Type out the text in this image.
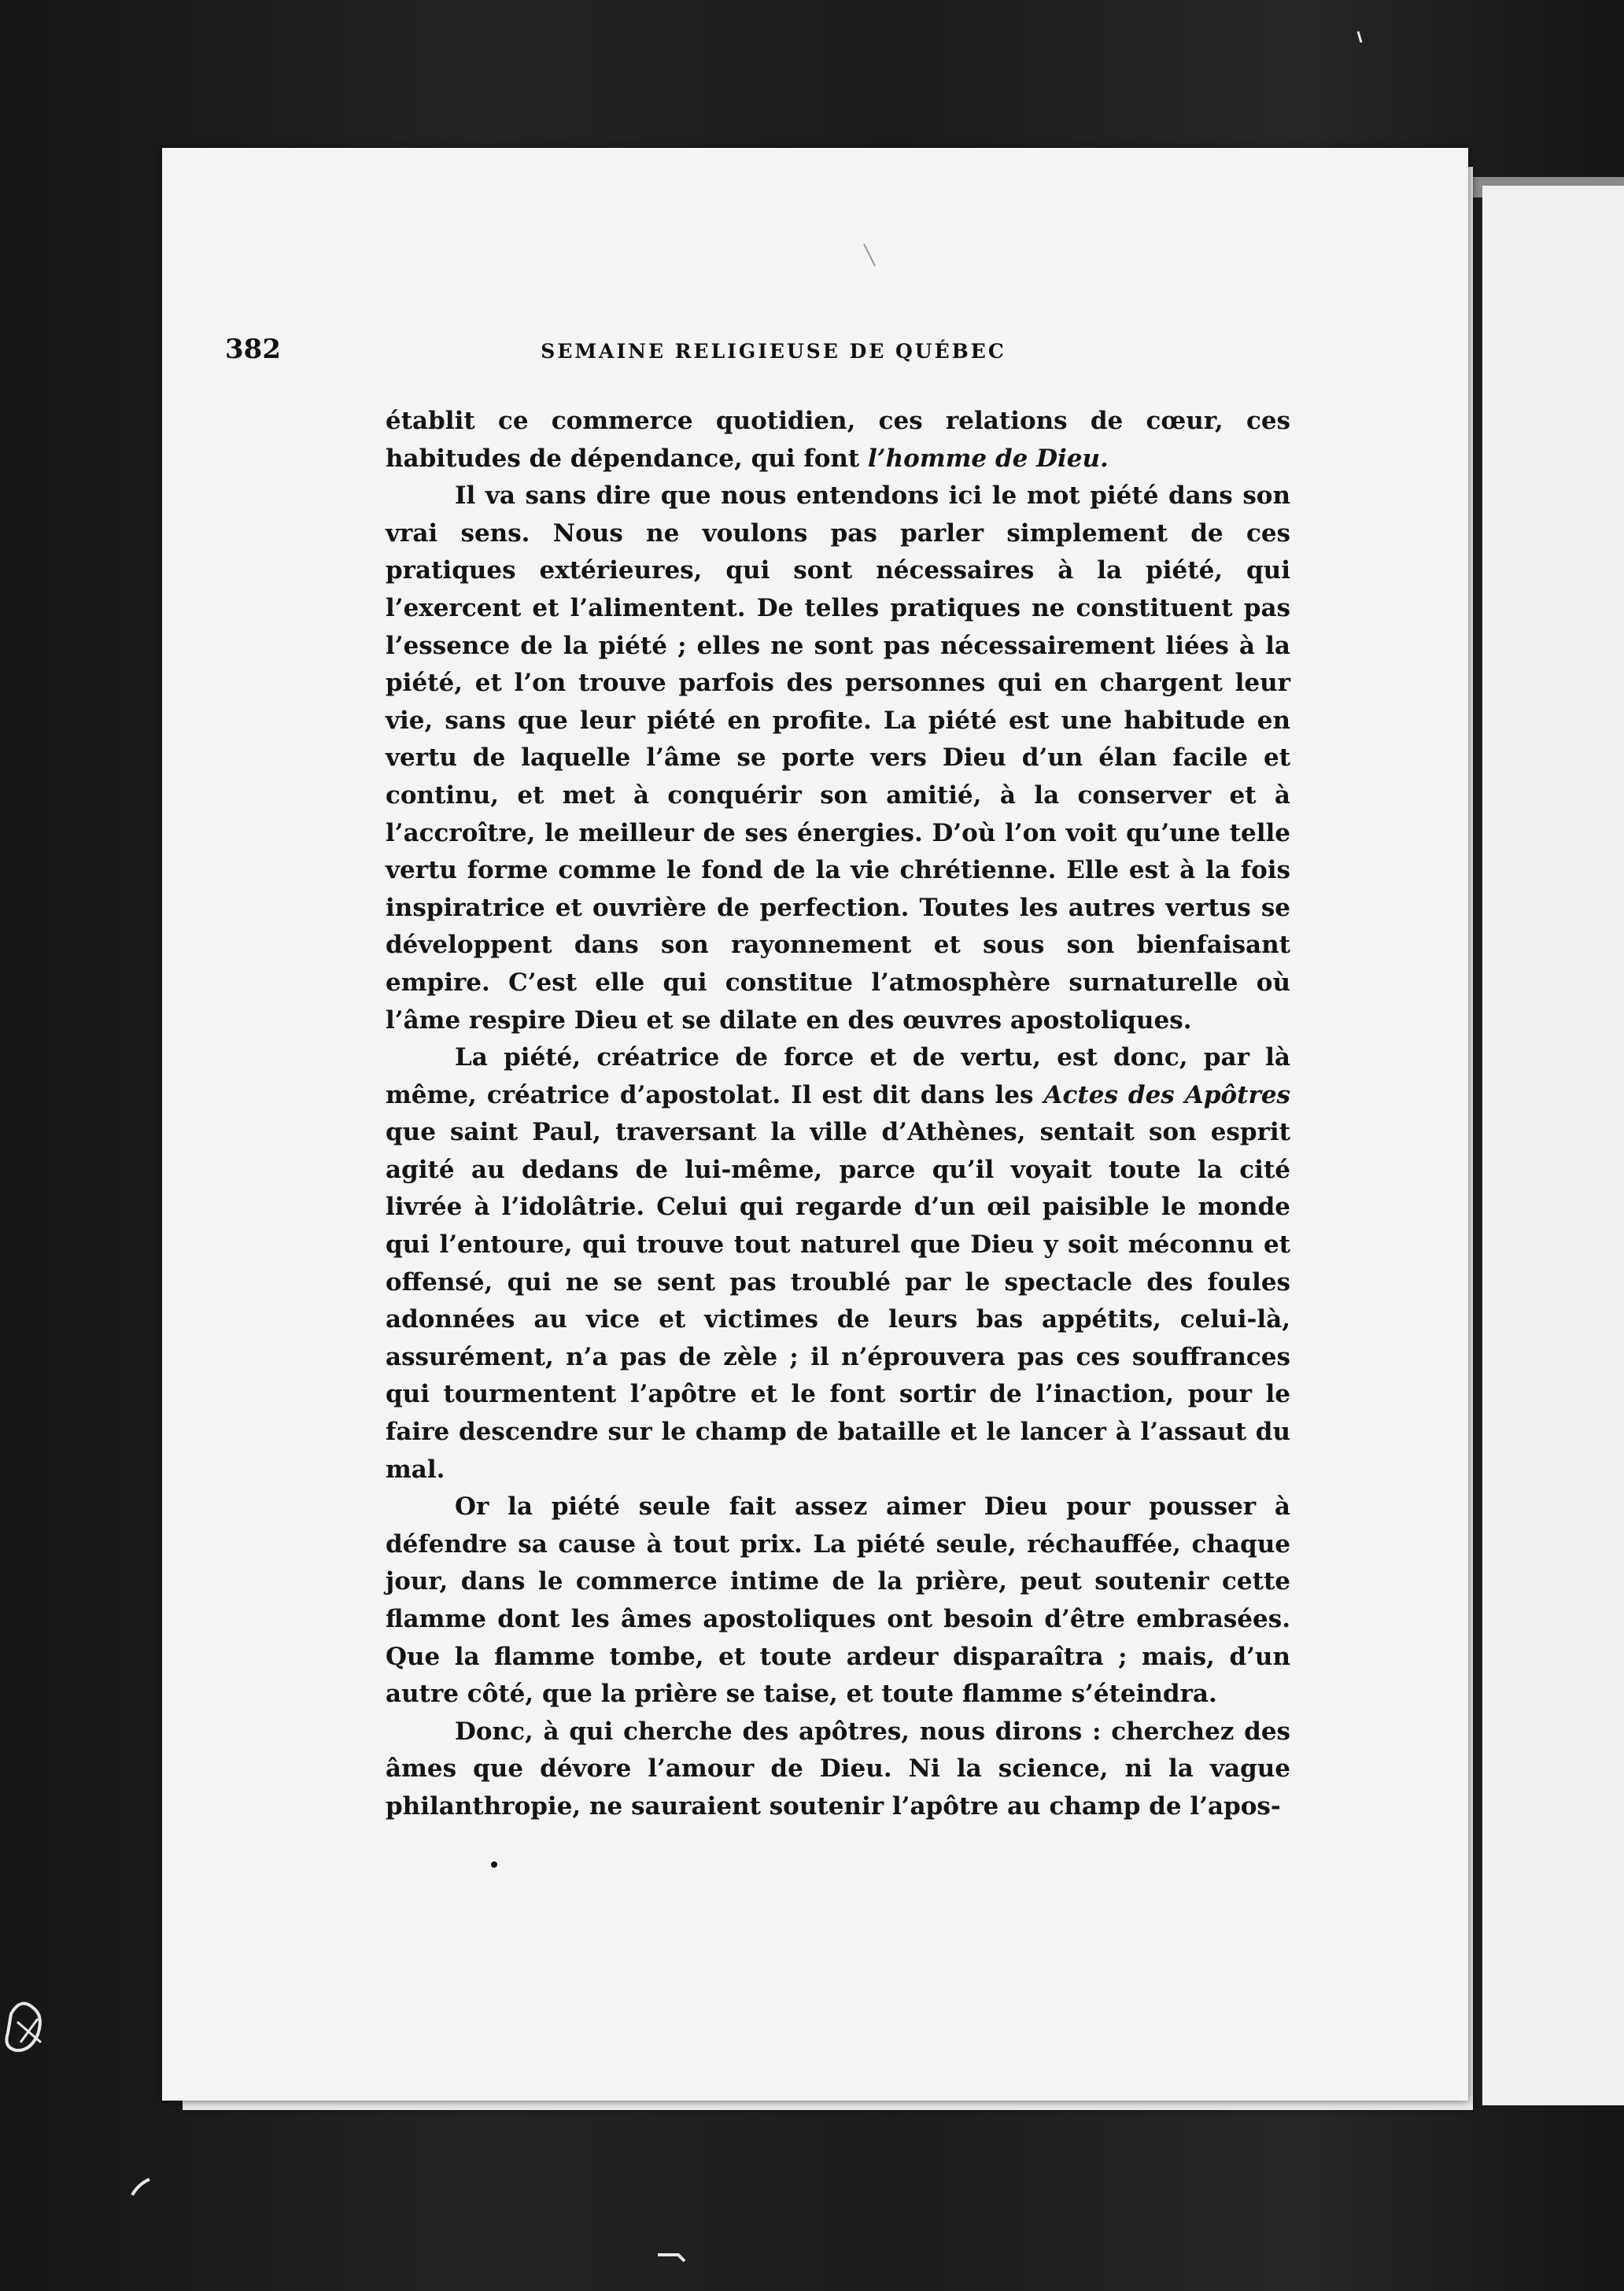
382	SEMAINE RELIGIEUSE DE QUÉBEC

établit ce commerce quotidien, ces relations de cœur, ces habitudes de dépendance, qui font l’homme de Dieu.

Il va sans dire que nous entendons ici le mot piété dans son vrai sens. Nous ne voulons pas parler simplement de ces pratiques extérieures, qui sont nécessaires à la piété, qui l’exercent et l’alimentent. De telles pratiques ne constituent pas l’essence de la piété ; elles ne sont pas nécessairement liées à la piété, et l’on trouve parfois des personnes qui en chargent leur vie, sans que leur piété en profite. La piété est une habitude en vertu de laquelle l’âme se porte vers Dieu d’un élan facile et continu, et met à conquérir son amitié, à la conserver et à l’accroître, le meilleur de ses énergies. D’où l’on voit qu’une telle vertu forme comme le fond de la vie chrétienne. Elle est à la fois inspiratrice et ouvrière de perfection. Toutes les autres vertus se développent dans son rayonnement et sous son bienfaisant empire. C’est elle qui constitue l’atmosphère surnaturelle où l’âme respire Dieu et se dilate en des œuvres apostoliques.

La piété, créatrice de force et de vertu, est donc, par là même, créatrice d’apostolat. Il est dit dans les Actes des Apôtres que saint Paul, traversant la ville d’Athènes, sentait son esprit agité au dedans de lui-même, parce qu’il voyait toute la cité livrée à l’idolâtrie. Celui qui regarde d’un œil paisible le monde qui l’entoure, qui trouve tout naturel que Dieu y soit méconnu et offensé, qui ne se sent pas troublé par le spectacle des foules adonnées au vice et victimes de leurs bas appétits, celui-là, assurément, n’a pas de zèle ; il n’éprouvera pas ces souffrances qui tourmentent l’apôtre et le font sortir de l’inaction, pour le faire descendre sur le champ de bataille et le lancer à l’assaut du mal.

Or la piété seule fait assez aimer Dieu pour pousser à défendre sa cause à tout prix. La piété seule, réchauffée, chaque jour, dans le commerce intime de la prière, peut soutenir cette flamme dont les âmes apostoliques ont besoin d’être embrasées. Que la flamme tombe, et toute ardeur disparaîtra ; mais, d’un autre côté, que la prière se taise, et toute flamme s’éteindra.

Donc, à qui cherche des apôtres, nous dirons : cherchez des âmes que dévore l’amour de Dieu. Ni la science, ni la vague philanthropie, ne sauraient soutenir l’apôtre au champ de l’apos-
